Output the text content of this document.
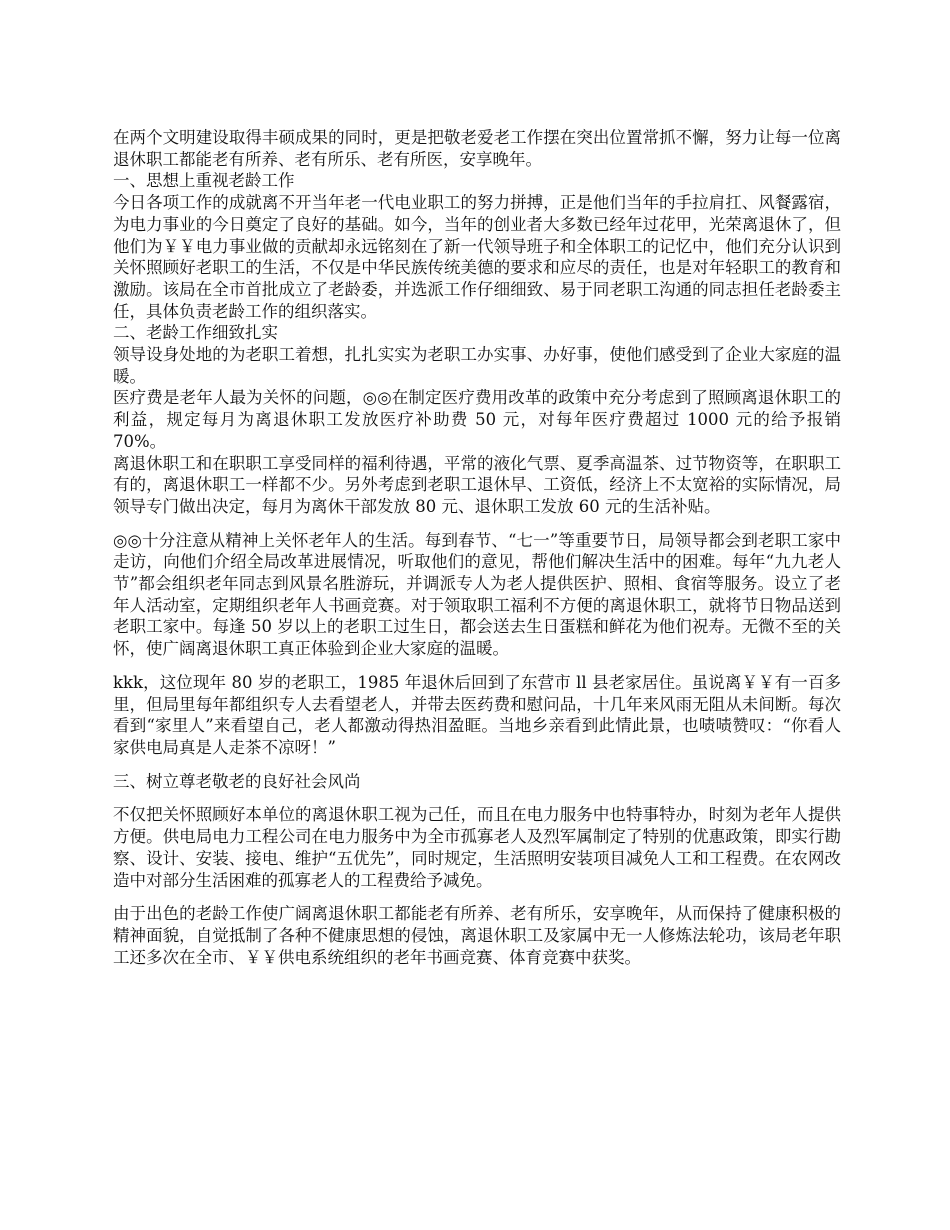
在两个文明建设取得丰硕成果的同时，更是把敬老爱老工作摆在突出位置常抓不懈，努力让每一位离退休职工都能老有所养、老有所乐、老有所医，安享晚年。

一、思想上重视老龄工作

今日各项工作的成就离不开当年老一代电业职工的努力拼搏，正是他们当年的手拉肩扛、风餐露宿，为电力事业的今日奠定了良好的基础。如今，当年的创业者大多数已经年过花甲，光荣离退休了，但他们为￥￥电力事业做的贡献却永远铭刻在了新一代领导班子和全体职工的记忆中，他们充分认识到关怀照顾好老职工的生活，不仅是中华民族传统美德的要求和应尽的责任，也是对年轻职工的教育和激励。该局在全市首批成立了老龄委，并选派工作仔细细致、易于同老职工沟通的同志担任老龄委主任，具体负责老龄工作的组织落实。

二、老龄工作细致扎实

领导设身处地的为老职工着想，扎扎实实为老职工办实事、办好事，使他们感受到了企业大家庭的温暖。

医疗费是老年人最为关怀的问题，◎◎在制定医疗费用改革的政策中充分考虑到了照顾离退休职工的利益，规定每月为离退休职工发放医疗补助费 50 元，对每年医疗费超过 1000 元的给予报销 70%。

离退休职工和在职职工享受同样的福利待遇，平常的液化气票、夏季高温茶、过节物资等，在职职工有的，离退休职工一样都不少。另外考虑到老职工退休早、工资低，经济上不太宽裕的实际情况，局领导专门做出决定，每月为离休干部发放 80 元、退休职工发放 60 元的生活补贴。

◎◎十分注意从精神上关怀老年人的生活。每到春节、“七一”等重要节日，局领导都会到老职工家中走访，向他们介绍全局改革进展情况，听取他们的意见，帮他们解决生活中的困难。每年“九九老人节”都会组织老年同志到风景名胜游玩，并调派专人为老人提供医护、照相、食宿等服务。设立了老年人活动室，定期组织老年人书画竞赛。对于领取职工福利不方便的离退休职工，就将节日物品送到老职工家中。每逢 50 岁以上的老职工过生日，都会送去生日蛋糕和鲜花为他们祝寿。无微不至的关怀，使广阔离退休职工真正体验到企业大家庭的温暖。

kkk，这位现年 80 岁的老职工，1985 年退休后回到了东营市 ll 县老家居住。虽说离￥￥有一百多里，但局里每年都组织专人去看望老人，并带去医药费和慰问品，十几年来风雨无阻从未间断。每次看到“家里人”来看望自己，老人都激动得热泪盈眶。当地乡亲看到此情此景，也啧啧赞叹：“你看人家供电局真是人走茶不凉呀！”

三、树立尊老敬老的良好社会风尚

不仅把关怀照顾好本单位的离退休职工视为己任，而且在电力服务中也特事特办，时刻为老年人提供方便。供电局电力工程公司在电力服务中为全市孤寡老人及烈军属制定了特别的优惠政策，即实行勘察、设计、安装、接电、维护“五优先”，同时规定，生活照明安装项目减免人工和工程费。在农网改造中对部分生活困难的孤寡老人的工程费给予减免。

由于出色的老龄工作使广阔离退休职工都能老有所养、老有所乐，安享晚年，从而保持了健康积极的精神面貌，自觉抵制了各种不健康思想的侵蚀，离退休职工及家属中无一人修炼法轮功，该局老年职工还多次在全市、￥￥供电系统组织的老年书画竞赛、体育竞赛中获奖。
